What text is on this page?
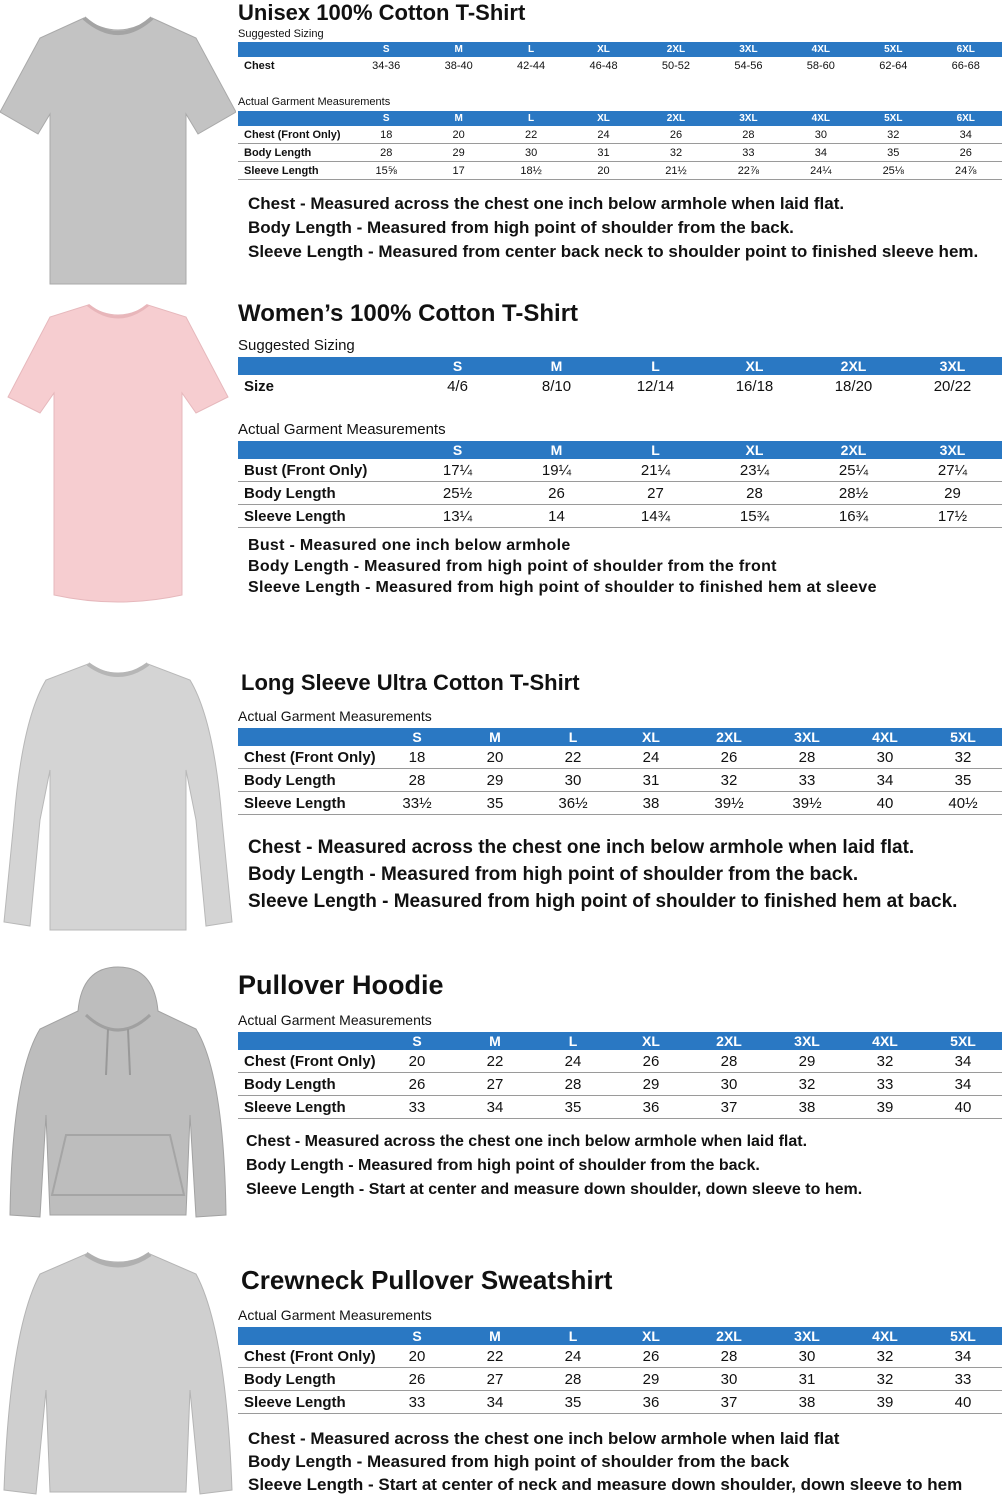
Unisex 100% Cotton T-Shirt
Suggested Sizing
	S	M	L	XL	2XL	3XL	4XL	5XL	6XL
Chest	34-36	38-40	42-44	46-48	50-52	54-56	58-60	62-64	66-68
Actual Garment Measurements
	S	M	L	XL	2XL	3XL	4XL	5XL	6XL
Chest (Front Only)	18	20	22	24	26	28	30	32	34
Body Length	28	29	30	31	32	33	34	35	26
Sleeve Length	15⅝	17	18½	20	21½	22⅞	24¼	25⅛	24⅞
Chest - Measured across the chest one inch below armhole when laid flat.
Body Length - Measured from high point of shoulder from the back.
Sleeve Length - Measured from center back neck to shoulder point to finished sleeve hem.
Women’s 100% Cotton T-Shirt
Suggested Sizing
	S	M	L	XL	2XL	3XL
Size	4/6	8/10	12/14	16/18	18/20	20/22
Actual Garment Measurements
	S	M	L	XL	2XL	3XL
Bust (Front Only)	17¼	19¼	21¼	23¼	25¼	27¼
Body Length	25½	26	27	28	28½	29
Sleeve Length	13¼	14	14¾	15¾	16¾	17½
Bust - Measured one inch below armhole
Body Length - Measured from high point of shoulder from the front
Sleeve Length - Measured from high point of shoulder to finished hem at sleeve
Long Sleeve Ultra Cotton T-Shirt
Actual Garment Measurements
	S	M	L	XL	2XL	3XL	4XL	5XL
Chest (Front Only)	18	20	22	24	26	28	30	32
Body Length	28	29	30	31	32	33	34	35
Sleeve Length	33½	35	36½	38	39½	39½	40	40½
Chest - Measured across the chest one inch below armhole when laid flat.
Body Length - Measured from high point of shoulder from the back.
Sleeve Length - Measured from high point of shoulder to finished hem at back.
Pullover Hoodie
Actual Garment Measurements
	S	M	L	XL	2XL	3XL	4XL	5XL
Chest (Front Only)	20	22	24	26	28	29	32	34
Body Length	26	27	28	29	30	32	33	34
Sleeve Length	33	34	35	36	37	38	39	40
Chest - Measured across the chest one inch below armhole when laid flat.
Body Length - Measured from high point of shoulder from the back.
Sleeve Length - Start at center and measure down shoulder, down sleeve to hem.
Crewneck Pullover Sweatshirt
Actual Garment Measurements
	S	M	L	XL	2XL	3XL	4XL	5XL
Chest (Front Only)	20	22	24	26	28	30	32	34
Body Length	26	27	28	29	30	31	32	33
Sleeve Length	33	34	35	36	37	38	39	40
Chest - Measured across the chest one inch below armhole when laid flat
Body Length - Measured from high point of shoulder from the back
Sleeve Length - Start at center of neck and measure down shoulder, down sleeve to hem
